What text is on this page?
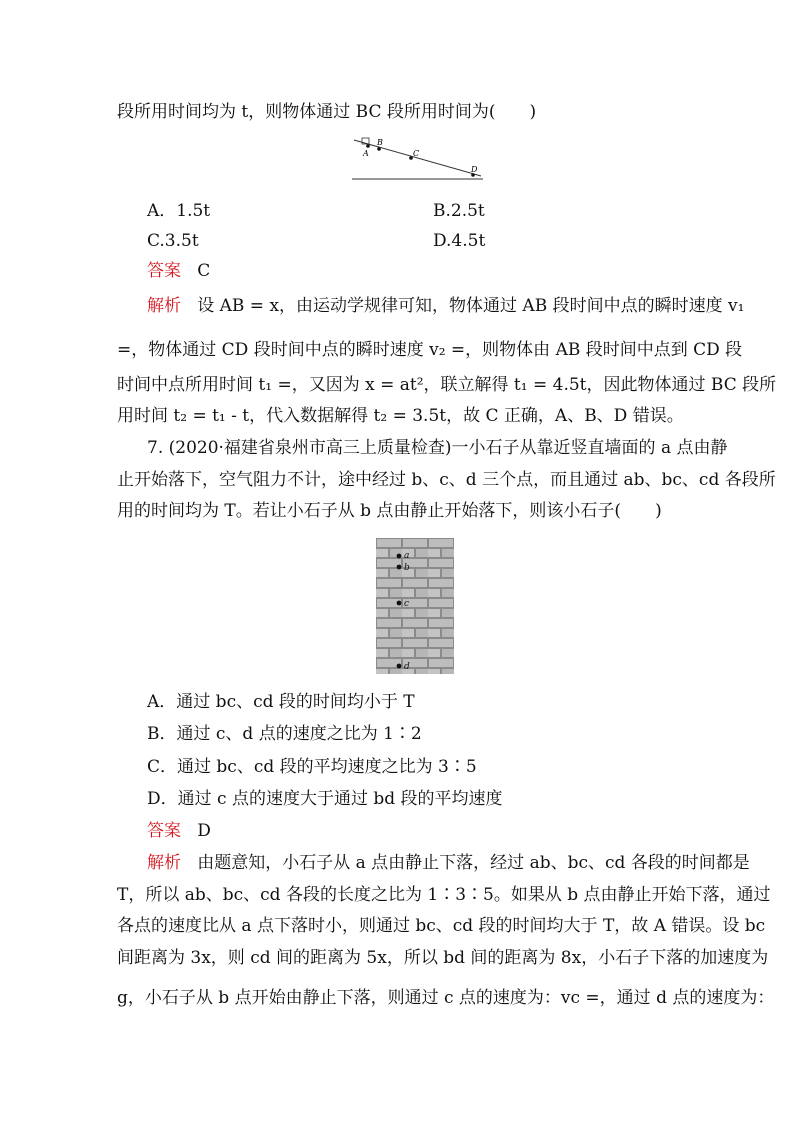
段所用时间均为 t，则物体通过 BC 段所用时间为(　　)
A
B
C
D
A．1.5t	B.2.5t
C.3.5t	D.4.5t
答案 C
解析 设 AB = x，由运动学规律可知，物体通过 AB 段时间中点的瞬时速度 v₁
=，物体通过 CD 段时间中点的瞬时速度 v₂ =，则物体由 AB 段时间中点到 CD 段
时间中点所用时间 t₁ =，又因为 x = at²，联立解得 t₁ = 4.5t，因此物体通过 BC 段所
用时间 t₂ = t₁ - t，代入数据解得 t₂ = 3.5t，故 C 正确，A、B、D 错误。
7. (2020·福建省泉州市高三上质量检查)一小石子从靠近竖直墙面的 a 点由静
止开始落下，空气阻力不计，途中经过 b、c、d 三个点，而且通过 ab、bc、cd 各段所
用的时间均为 T。若让小石子从 b 点由静止开始落下，则该小石子(　　)
a
b
c
d
A．通过 bc、cd 段的时间均小于 T
B．通过 c、d 点的速度之比为 1∶2
C．通过 bc、cd 段的平均速度之比为 3∶5
D．通过 c 点的速度大于通过 bd 段的平均速度
答案 D
解析 由题意知，小石子从 a 点由静止下落，经过 ab、bc、cd 各段的时间都是
T，所以 ab、bc、cd 各段的长度之比为 1∶3∶5。如果从 b 点由静止开始下落，通过
各点的速度比从 a 点下落时小，则通过 bc、cd 段的时间均大于 T，故 A 错误。设 bc
间距离为 3x，则 cd 间的距离为 5x，所以 bd 间的距离为 8x，小石子下落的加速度为
g，小石子从 b 点开始由静止下落，则通过 c 点的速度为：vc =，通过 d 点的速度为：
